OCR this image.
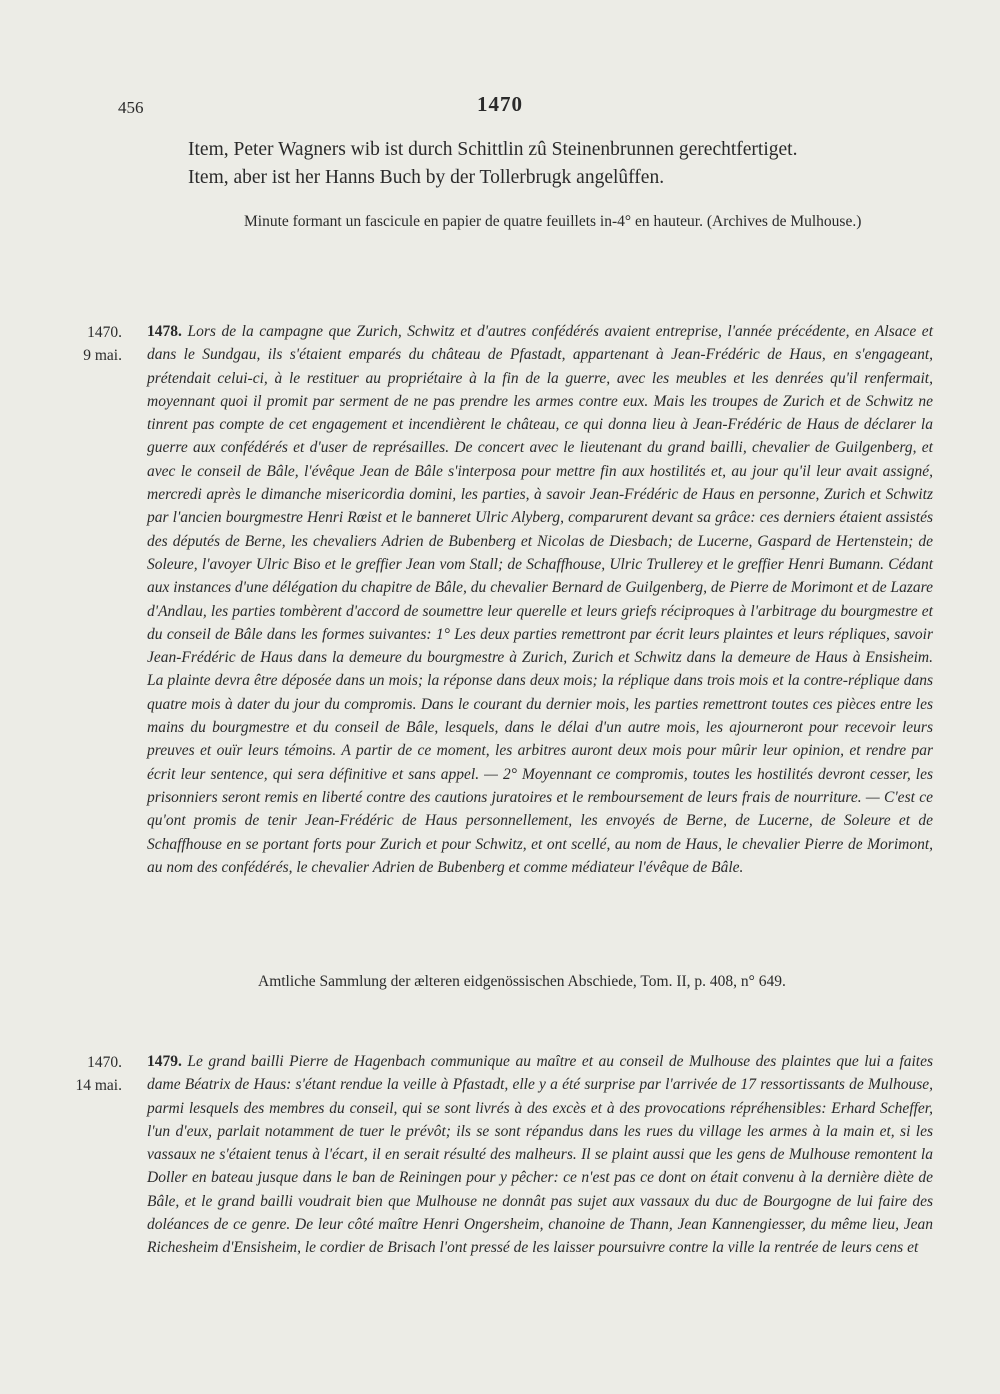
456	1470
Item, Peter Wagners wib ist durch Schittlin zû Steinenbrunnen gerechtfertiget.
Item, aber ist her Hanns Buch by der Tollerbrugk angelûffen.
Minute formant un fascicule en papier de quatre feuillets in-4° en hauteur. (Archives de Mulhouse.)
1470.
9 mai.
1478. Lors de la campagne que Zurich, Schwitz et d'autres confédérés avaient entreprise, l'année précédente, en Alsace et dans le Sundgau, ils s'étaient emparés du château de Pfastadt, appartenant à Jean-Frédéric de Haus, en s'engageant, prétendait celui-ci, à le restituer au propriétaire à la fin de la guerre, avec les meubles et les denrées qu'il renfermait, moyennant quoi il promit par serment de ne pas prendre les armes contre eux. Mais les troupes de Zurich et de Schwitz ne tinrent pas compte de cet engagement et incendièrent le château, ce qui donna lieu à Jean-Frédéric de Haus de déclarer la guerre aux confédérés et d'user de représailles. De concert avec le lieutenant du grand bailli, chevalier de Guilgenberg, et avec le conseil de Bâle, l'évêque Jean de Bâle s'interposa pour mettre fin aux hostilités et, au jour qu'il leur avait assigné, mercredi après le dimanche misericordia domini, les parties, à savoir Jean-Frédéric de Haus en personne, Zurich et Schwitz par l'ancien bourgmestre Henri Rœist et le banneret Ulric Alyberg, comparurent devant sa grâce: ces derniers étaient assistés des députés de Berne, les chevaliers Adrien de Bubenberg et Nicolas de Diesbach; de Lucerne, Gaspard de Hertenstein; de Soleure, l'avoyer Ulric Biso et le greffier Jean vom Stall; de Schaffhouse, Ulric Trullerey et le greffier Henri Bumann. Cédant aux instances d'une délégation du chapitre de Bâle, du chevalier Bernard de Guilgenberg, de Pierre de Morimont et de Lazare d'Andlau, les parties tombèrent d'accord de soumettre leur querelle et leurs griefs réciproques à l'arbitrage du bourgmestre et du conseil de Bâle dans les formes suivantes: 1° Les deux parties remettront par écrit leurs plaintes et leurs répliques, savoir Jean-Frédéric de Haus dans la demeure du bourgmestre à Zurich, Zurich et Schwitz dans la demeure de Haus à Ensisheim. La plainte devra être déposée dans un mois; la réponse dans deux mois; la réplique dans trois mois et la contre-réplique dans quatre mois à dater du jour du compromis. Dans le courant du dernier mois, les parties remettront toutes ces pièces entre les mains du bourgmestre et du conseil de Bâle, lesquels, dans le délai d'un autre mois, les ajourneront pour recevoir leurs preuves et ouïr leurs témoins. A partir de ce moment, les arbitres auront deux mois pour mûrir leur opinion, et rendre par écrit leur sentence, qui sera définitive et sans appel. — 2° Moyennant ce compromis, toutes les hostilités devront cesser, les prisonniers seront remis en liberté contre des cautions juratoires et le remboursement de leurs frais de nourriture. — C'est ce qu'ont promis de tenir Jean-Frédéric de Haus personnellement, les envoyés de Berne, de Lucerne, de Soleure et de Schaffhouse en se portant forts pour Zurich et pour Schwitz, et ont scellé, au nom de Haus, le chevalier Pierre de Morimont, au nom des confédérés, le chevalier Adrien de Bubenberg et comme médiateur l'évêque de Bâle.
Amtliche Sammlung der ælteren eidgenössischen Abschiede, Tom. II, p. 408, n° 649.
1470.
14 mai.
1479. Le grand bailli Pierre de Hagenbach communique au maître et au conseil de Mulhouse des plaintes que lui a faites dame Béatrix de Haus: s'étant rendue la veille à Pfastadt, elle y a été surprise par l'arrivée de 17 ressortissants de Mulhouse, parmi lesquels des membres du conseil, qui se sont livrés à des excès et à des provocations répréhensibles: Erhard Scheffer, l'un d'eux, parlait notamment de tuer le prévôt; ils se sont répandus dans les rues du village les armes à la main et, si les vassaux ne s'étaient tenus à l'écart, il en serait résulté des malheurs. Il se plaint aussi que les gens de Mulhouse remontent la Doller en bateau jusque dans le ban de Reiningen pour y pêcher: ce n'est pas ce dont on était convenu à la dernière diète de Bâle, et le grand bailli voudrait bien que Mulhouse ne donnât pas sujet aux vassaux du duc de Bourgogne de lui faire des doléances de ce genre. De leur côté maître Henri Ongersheim, chanoine de Thann, Jean Kannengiesser, du même lieu, Jean Richesheim d'Ensisheim, le cordier de Brisach l'ont pressé de les laisser poursuivre contre la ville la rentrée de leurs cens et
